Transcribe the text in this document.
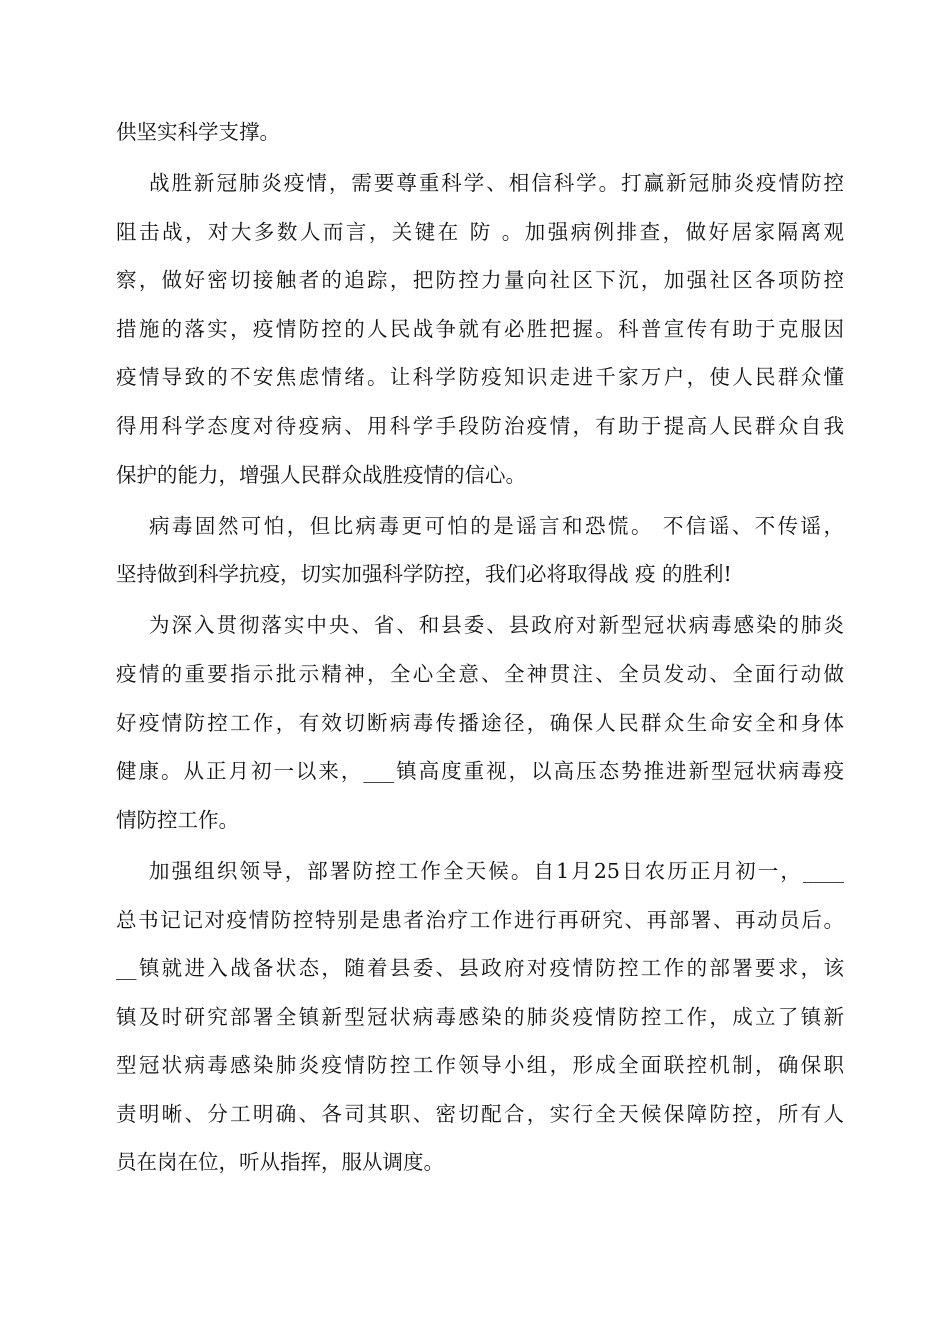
供坚实科学支撑。
战胜新冠肺炎疫情，需要尊重科学、相信科学。打赢新冠肺炎疫情防控
阻击战，对大多数人而言，关键在 防 。加强病例排查，做好居家隔离观
察，做好密切接触者的追踪，把防控力量向社区下沉，加强社区各项防控
措施的落实，疫情防控的人民战争就有必胜把握。科普宣传有助于克服因
疫情导致的不安焦虑情绪。让科学防疫知识走进千家万户，使人民群众懂
得用科学态度对待疫病、用科学手段防治疫情，有助于提高人民群众自我
保护的能力，增强人民群众战胜疫情的信心。
病毒固然可怕，但比病毒更可怕的是谣言和恐慌。 不信谣、不传谣，
坚持做到科学抗疫，切实加强科学防控，我们必将取得战 疫 的胜利!
为深入贯彻落实中央、省、和县委、县政府对新型冠状病毒感染的肺炎
疫情的重要指示批示精神，全心全意、全神贯注、全员发动、全面行动做
好疫情防控工作，有效切断病毒传播途径，确保人民群众生命安全和身体
健康。从正月初一以来，___镇高度重视，以高压态势推进新型冠状病毒疫
情防控工作。
加强组织领导，部署防控工作全天候。自1月25日农历正月初一，____
总书记记对疫情防控特别是患者治疗工作进行再研究、再部署、再动员后。
__镇就进入战备状态，随着县委、县政府对疫情防控工作的部署要求，该
镇及时研究部署全镇新型冠状病毒感染的肺炎疫情防控工作，成立了镇新
型冠状病毒感染肺炎疫情防控工作领导小组，形成全面联控机制，确保职
责明晰、分工明确、各司其职、密切配合，实行全天候保障防控，所有人
员在岗在位，听从指挥，服从调度。
